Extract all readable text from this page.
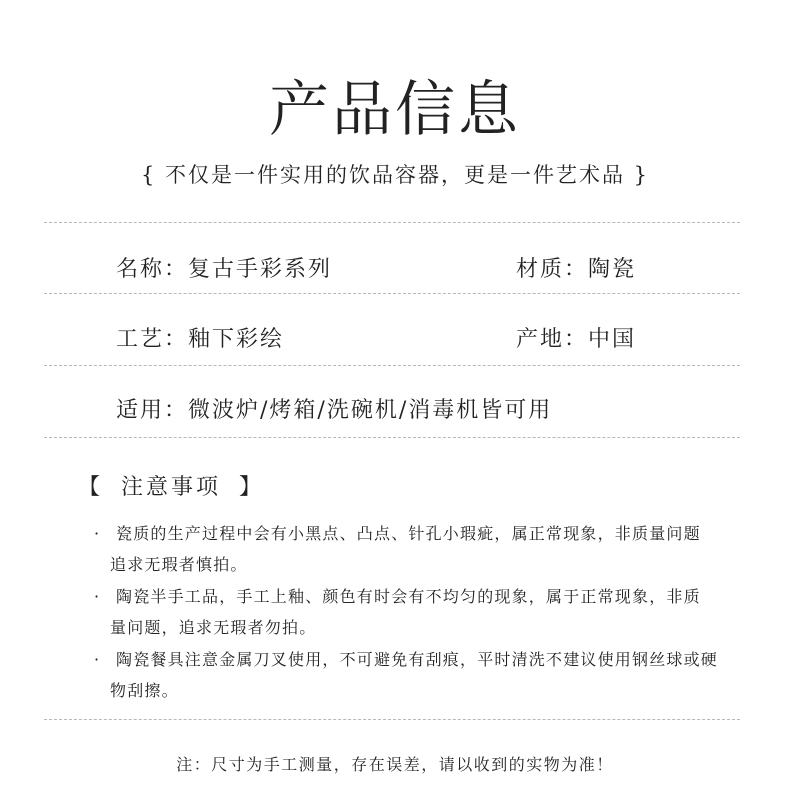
产品信息
{ 不仅是一件实用的饮品容器，更是一件艺术品 }
名称：复古手彩系列	材质：陶瓷
工艺：釉下彩绘	产地：中国
适用：微波炉/烤箱/洗碗机/消毒机皆可用
【 注意事项 】
· 瓷质的生产过程中会有小黑点、凸点、针孔小瑕疵，属正常现象，非质量问题
追求无瑕者慎拍。
· 陶瓷半手工品，手工上釉、颜色有时会有不均匀的现象，属于正常现象，非质
量问题，追求无瑕者勿拍。
· 陶瓷餐具注意金属刀叉使用，不可避免有刮痕，平时清洗不建议使用钢丝球或硬
物刮擦。
注：尺寸为手工测量，存在误差，请以收到的实物为准！
